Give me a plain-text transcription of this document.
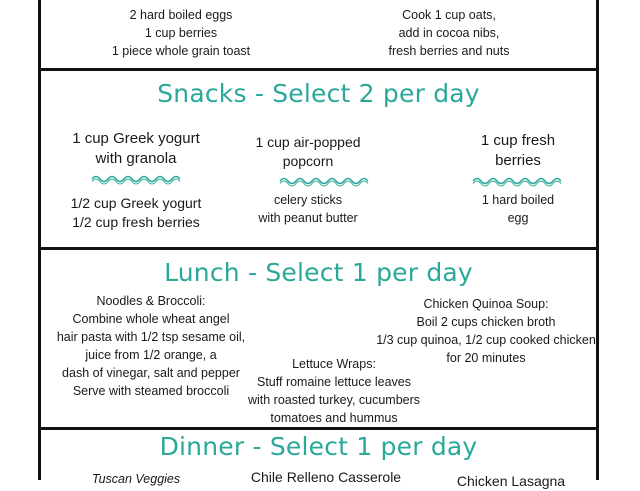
2 hard boiled eggs
1 cup berries
1 piece whole grain toast
Cook 1 cup oats,
add in cocoa nibs,
fresh berries and nuts
Snacks - Select 2 per day
1 cup Greek yogurt
with granola
1/2 cup Greek yogurt
1/2 cup fresh berries
1 cup air-popped
popcorn
celery sticks
with peanut butter
1 cup fresh
berries
1 hard boiled
egg
Lunch - Select 1 per day
Noodles & Broccoli:
Combine whole wheat angel
hair pasta with 1/2 tsp sesame oil,
juice from 1/2 orange, a
dash of vinegar, salt and pepper
Serve with steamed broccoli
Lettuce Wraps:
Stuff romaine lettuce leaves
with roasted turkey, cucumbers
tomatoes and hummus
Chicken Quinoa Soup:
Boil 2 cups chicken broth
1/3 cup quinoa, 1/2 cup cooked chicken
for 20 minutes
Dinner - Select 1 per day
Tuscan Veggies	Chile Relleno Casserole	Chicken Lasagna
